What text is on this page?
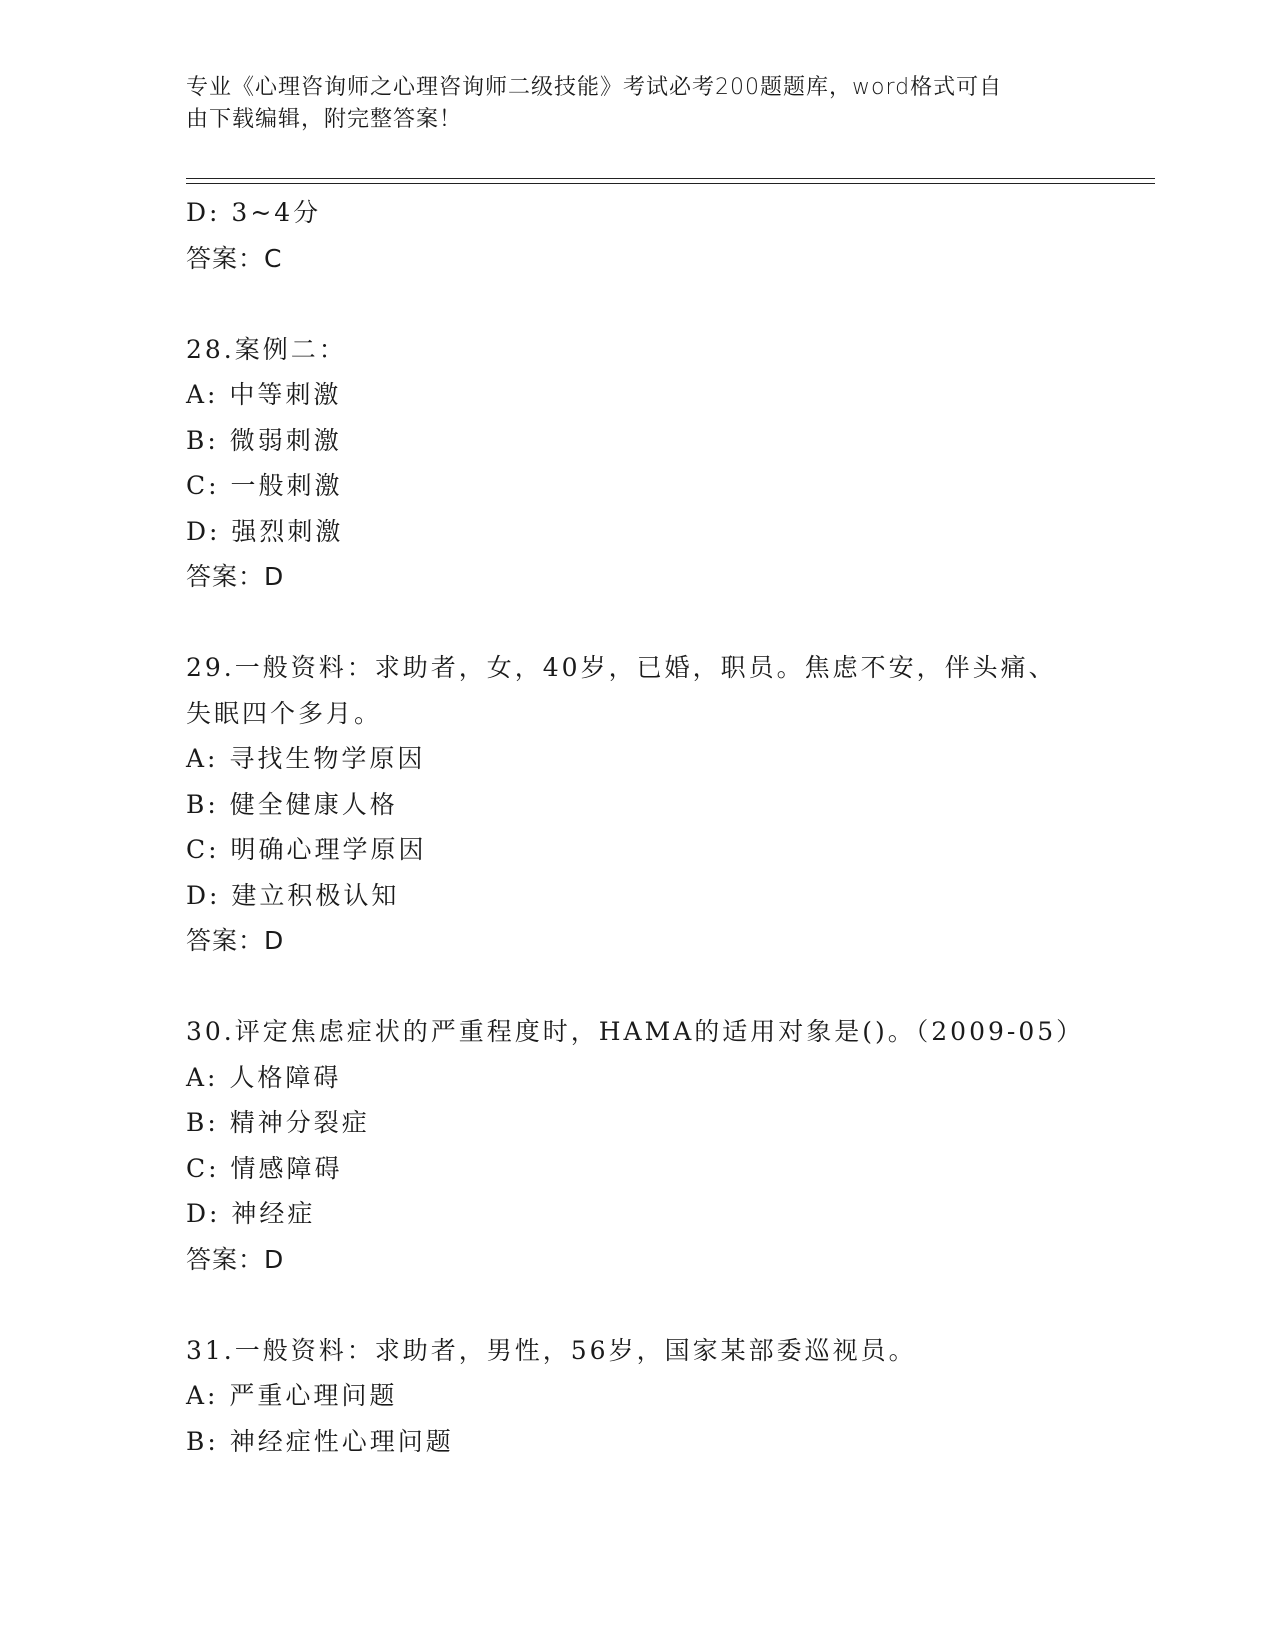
专业《心理咨询师之心理咨询师二级技能》考试必考200题题库，word格式可自
由下载编辑，附完整答案！
D: 3~4分
答案：C
28.案例二：
A: 中等刺激
B: 微弱刺激
C: 一般刺激
D: 强烈刺激
答案：D
29.一般资料：求助者，女，40岁，已婚，职员。焦虑不安，伴头痛、
失眠四个多月。
A: 寻找生物学原因
B: 健全健康人格
C: 明确心理学原因
D: 建立积极认知
答案：D
30.评定焦虑症状的严重程度时，HAMA的适用对象是()。（2009-05）
A: 人格障碍
B: 精神分裂症
C: 情感障碍
D: 神经症
答案：D
31.一般资料：求助者，男性，56岁，国家某部委巡视员。
A: 严重心理问题
B: 神经症性心理问题
